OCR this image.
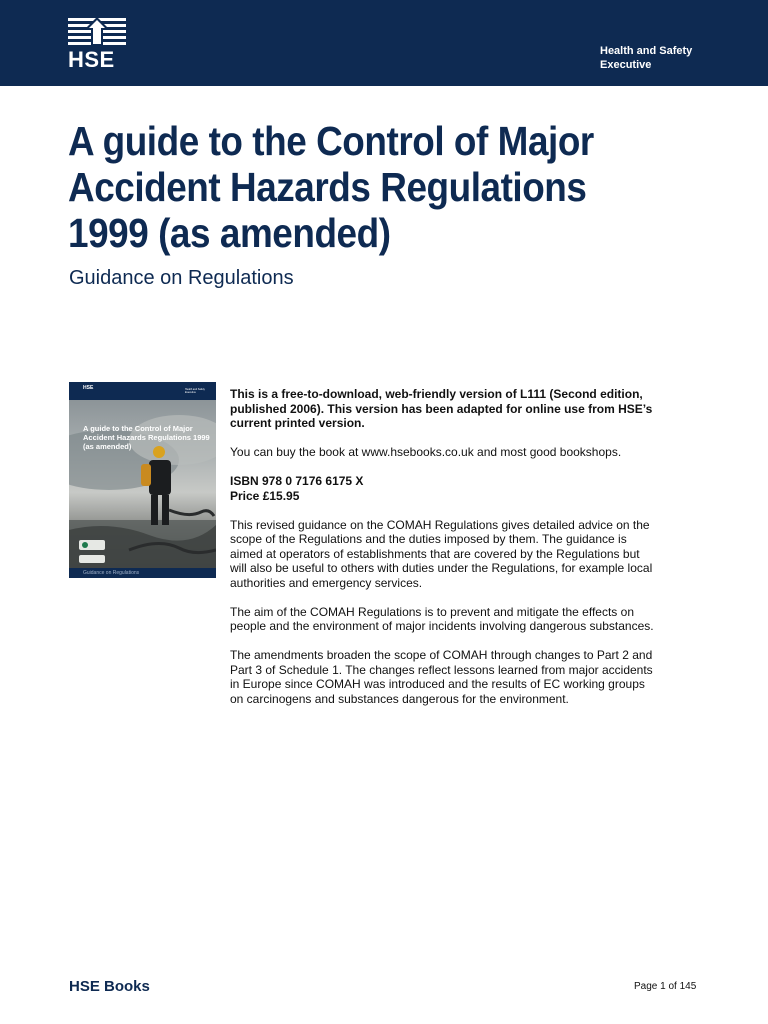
HSE	Health and Safety
Executive
A guide to the Control of Major
Accident Hazards Regulations
1999 (as amended)
Guidance on Regulations
HSE	Health and Safety Executive
A guide to the Control of Major
Accident Hazards Regulations 1999
(as amended)
Guidance on Regulations

This is a free-to-download, web-friendly version of L111 (Second edition,
published 2006). This version has been adapted for online use from HSE’s
current printed version.

You can buy the book at www.hsebooks.co.uk and most good bookshops.

ISBN 978 0 7176 6175 X
Price £15.95

This revised guidance on the COMAH Regulations gives detailed advice on the
scope of the Regulations and the duties imposed by them. The guidance is
aimed at operators of establishments that are covered by the Regulations but
will also be useful to others with duties under the Regulations, for example local
authorities and emergency services.

The aim of the COMAH Regulations is to prevent and mitigate the effects on
people and the environment of major incidents involving dangerous substances.

The amendments broaden the scope of COMAH through changes to Part 2 and
Part 3 of Schedule 1. The changes reflect lessons learned from major accidents
in Europe since COMAH was introduced and the results of EC working groups
on carcinogens and substances dangerous for the environment.

HSE Books	Page 1 of 145
